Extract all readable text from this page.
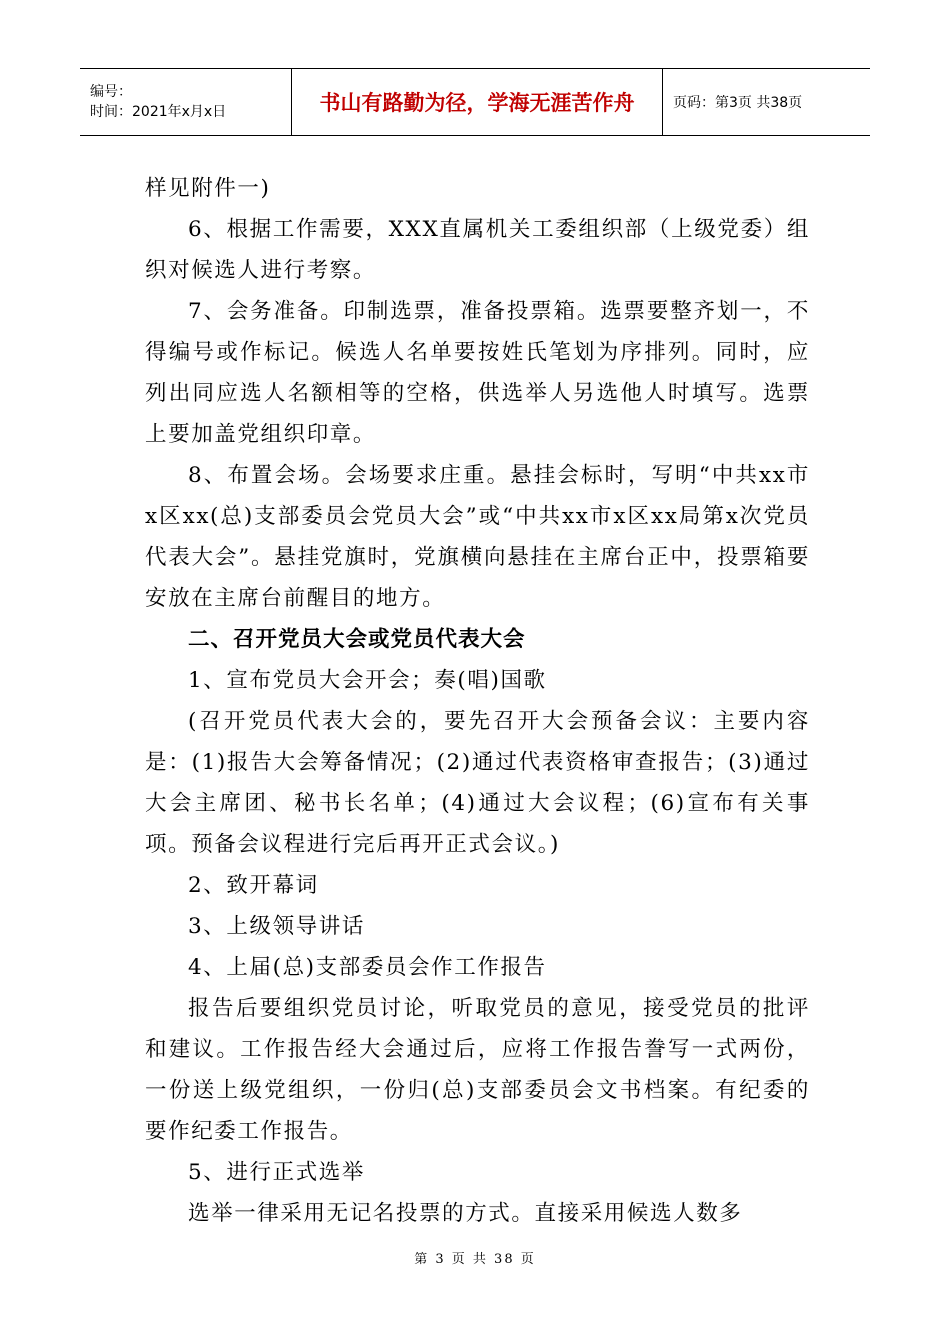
编号：
时间：2021年x月x日	书山有路勤为径，学海无涯苦作舟	页码：第3页 共38页

样见附件一)

6、根据工作需要，XXX直属机关工委组织部（上级党委）组织对候选人进行考察。

7、会务准备。印制选票，准备投票箱。选票要整齐划一，不得编号或作标记。候选人名单要按姓氏笔划为序排列。同时，应列出同应选人名额相等的空格，供选举人另选他人时填写。选票上要加盖党组织印章。

8、布置会场。会场要求庄重。悬挂会标时，写明“中共xx市x区xx(总)支部委员会党员大会”或“中共xx市x区xx局第x次党员代表大会”。悬挂党旗时，党旗横向悬挂在主席台正中，投票箱要安放在主席台前醒目的地方。

二、召开党员大会或党员代表大会

1、宣布党员大会开会；奏(唱)国歌

(召开党员代表大会的，要先召开大会预备会议：主要内容是：(1)报告大会筹备情况；(2)通过代表资格审查报告；(3)通过大会主席团、秘书长名单；(4)通过大会议程；(6)宣布有关事项。预备会议程进行完后再开正式会议。)

2、致开幕词

3、上级领导讲话

4、上届(总)支部委员会作工作报告

报告后要组织党员讨论，听取党员的意见，接受党员的批评和建议。工作报告经大会通过后，应将工作报告誊写一式两份，一份送上级党组织，一份归(总)支部委员会文书档案。有纪委的要作纪委工作报告。

5、进行正式选举

选举一律采用无记名投票的方式。直接采用候选人数多

第 3 页 共 38 页
